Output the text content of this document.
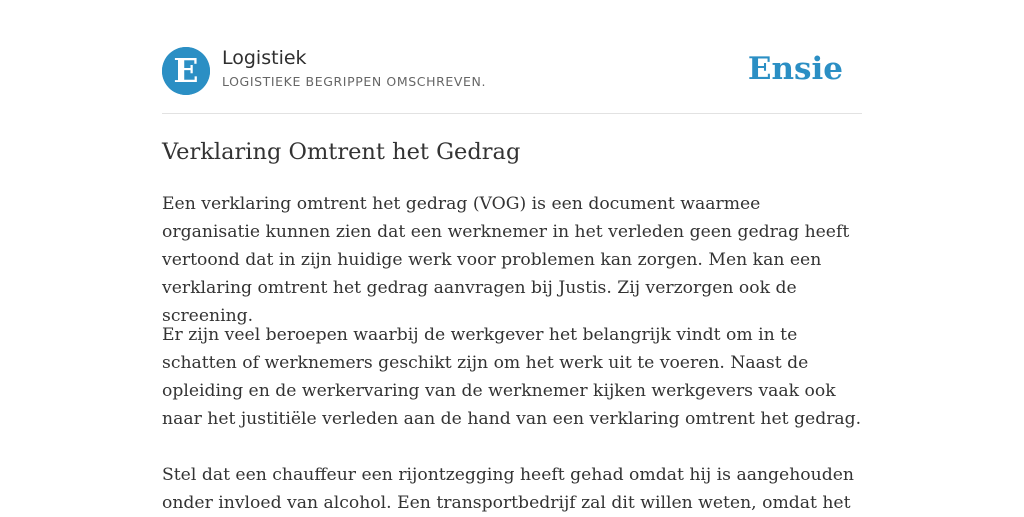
E Logistiek
LOGISTIEKE BEGRIPPEN OMSCHREVEN.	Ensie
Verklaring Omtrent het Gedrag

Een verklaring omtrent het gedrag (VOG) is een document waarmee organisatie kunnen zien dat een werknemer in het verleden geen gedrag heeft vertoond dat in zijn huidige werk voor problemen kan zorgen. Men kan een verklaring omtrent het gedrag aanvragen bij Justis. Zij verzorgen ook de screening.

Er zijn veel beroepen waarbij de werkgever het belangrijk vindt om in te schatten of werknemers geschikt zijn om het werk uit te voeren. Naast de opleiding en de werkervaring van de werknemer kijken werkgevers vaak ook naar het justitiële verleden aan de hand van een verklaring omtrent het gedrag.

Stel dat een chauffeur een rijontzegging heeft gehad omdat hij is aangehouden onder invloed van alcohol. Een transportbedrijf zal dit willen weten, omdat het
